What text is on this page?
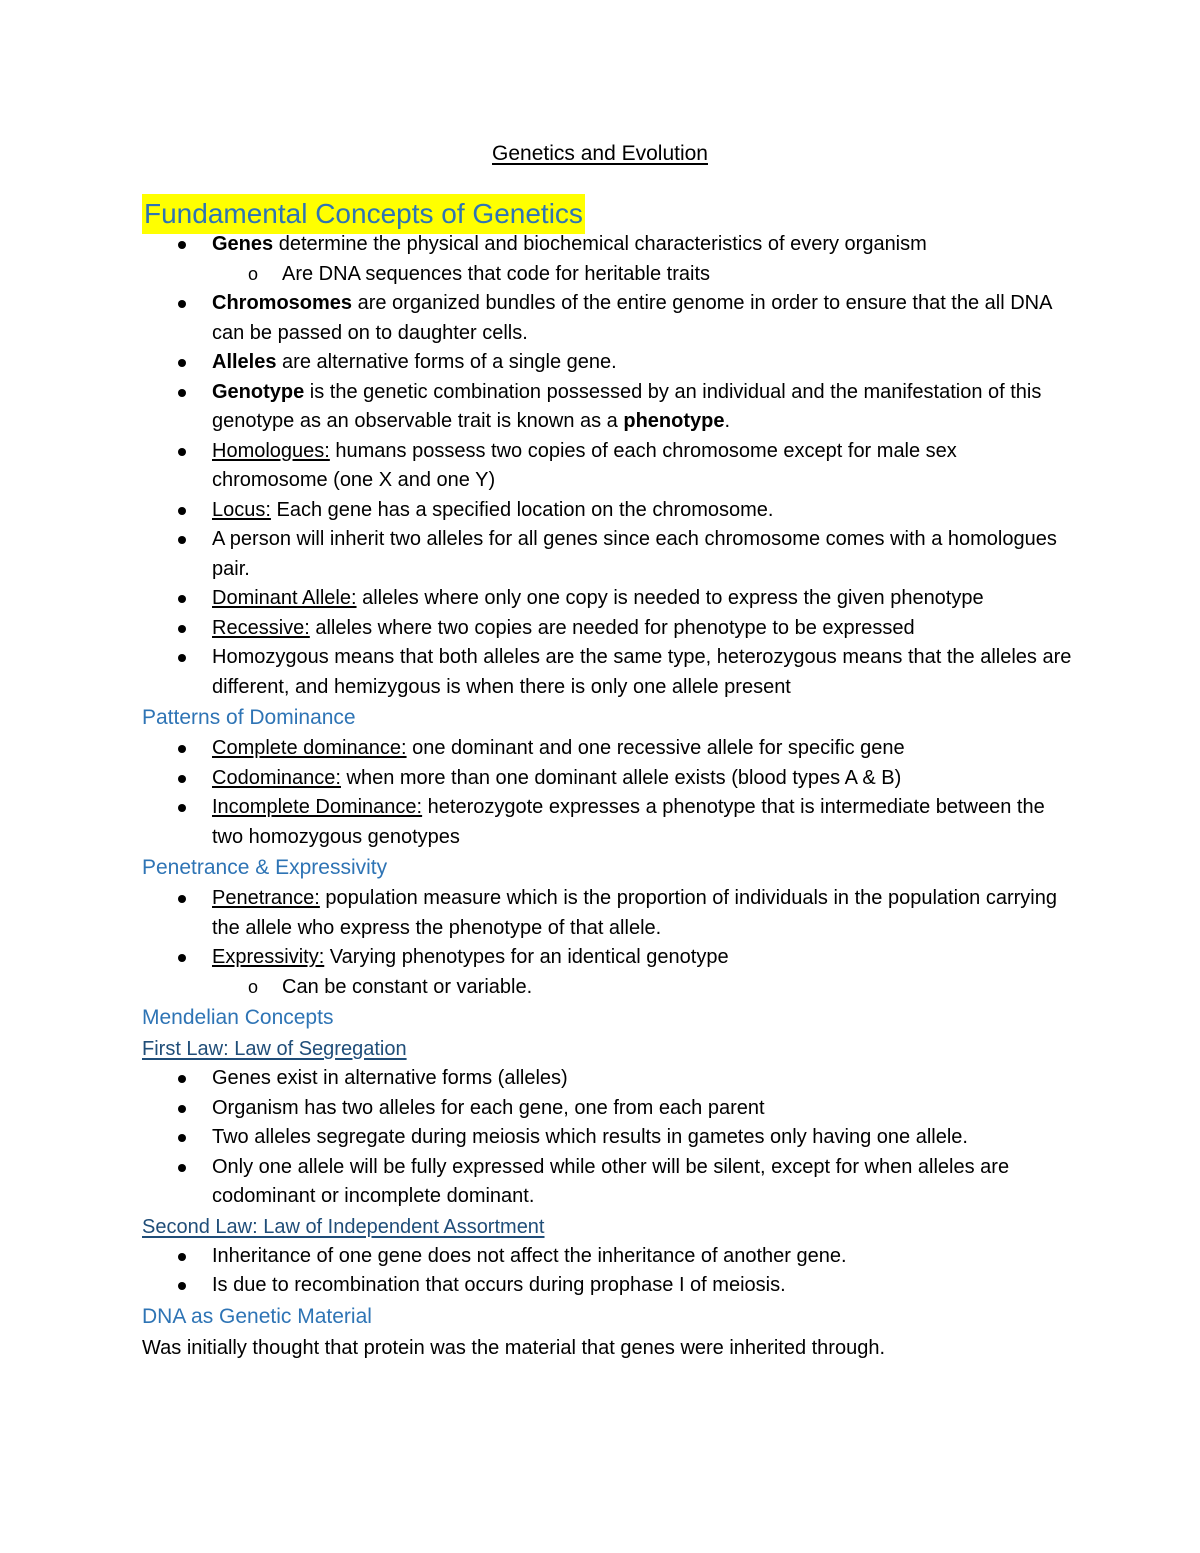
Genetics and Evolution
Fundamental Concepts of Genetics
Genes determine the physical and biochemical characteristics of every organism
o Are DNA sequences that code for heritable traits
Chromosomes are organized bundles of the entire genome in order to ensure that the all DNA can be passed on to daughter cells.
Alleles are alternative forms of a single gene.
Genotype is the genetic combination possessed by an individual and the manifestation of this genotype as an observable trait is known as a phenotype.
Homologues: humans possess two copies of each chromosome except for male sex chromosome (one X and one Y)
Locus: Each gene has a specified location on the chromosome.
A person will inherit two alleles for all genes since each chromosome comes with a homologues pair.
Dominant Allele: alleles where only one copy is needed to express the given phenotype
Recessive: alleles where two copies are needed for phenotype to be expressed
Homozygous means that both alleles are the same type, heterozygous means that the alleles are different, and hemizygous is when there is only one allele present
Patterns of Dominance
Complete dominance: one dominant and one recessive allele for specific gene
Codominance: when more than one dominant allele exists (blood types A & B)
Incomplete Dominance: heterozygote expresses a phenotype that is intermediate between the two homozygous genotypes
Penetrance & Expressivity
Penetrance: population measure which is the proportion of individuals in the population carrying the allele who express the phenotype of that allele.
Expressivity: Varying phenotypes for an identical genotype
o Can be constant or variable.
Mendelian Concepts
First Law: Law of Segregation
Genes exist in alternative forms (alleles)
Organism has two alleles for each gene, one from each parent
Two alleles segregate during meiosis which results in gametes only having one allele.
Only one allele will be fully expressed while other will be silent, except for when alleles are codominant or incomplete dominant.
Second Law: Law of Independent Assortment
Inheritance of one gene does not affect the inheritance of another gene.
Is due to recombination that occurs during prophase I of meiosis.
DNA as Genetic Material

Was initially thought that protein was the material that genes were inherited through.
